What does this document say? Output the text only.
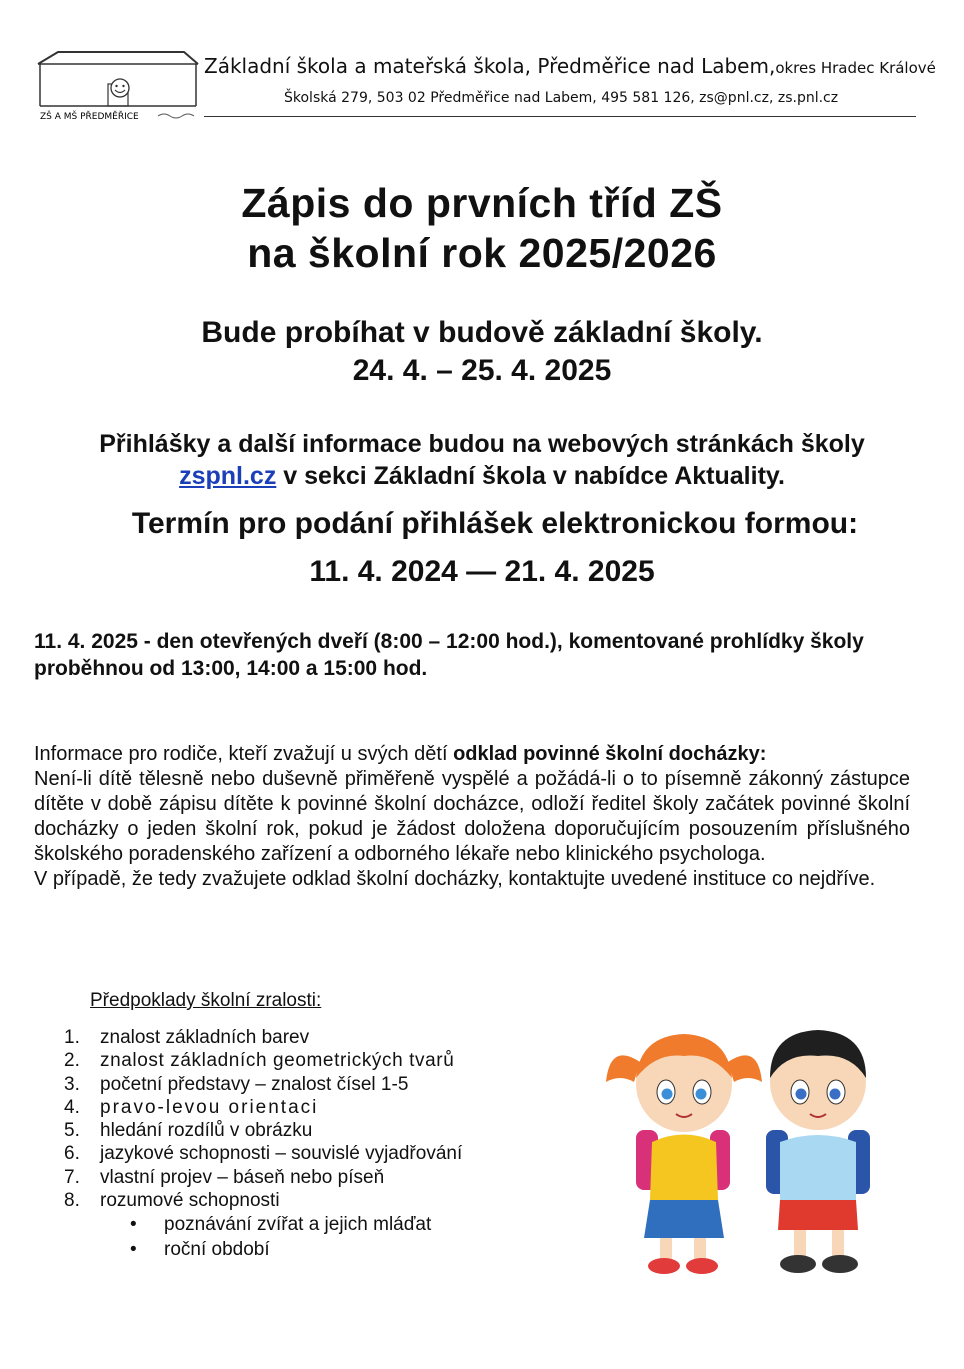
ZŠ A MŠ PŘEDMĚŘICE
Základní škola a mateřská škola, Předměřice nad Labem,okres Hradec Králové
Školská 279, 503 02 Předměřice nad Labem, 495 581 126, zs@pnl.cz, zs.pnl.cz
Zápis do prvních tříd ZŠ
na školní rok 2025/2026
Bude probíhat v budově základní školy.
24. 4. – 25. 4. 2025
Přihlášky a další informace budou na webových stránkách školy
zspnl.cz v sekci Základní škola v nabídce Aktuality.
Termín pro podání přihlášek elektronickou formou:
11. 4. 2024 — 21. 4. 2025
11. 4. 2025 - den otevřených dveří (8:00 – 12:00 hod.), komentované prohlídky školy proběhnou od 13:00, 14:00 a 15:00 hod.

Informace pro rodiče, kteří zvažují u svých dětí odklad povinné školní docházky:

Není-li dítě tělesně nebo duševně přiměřeně vyspělé a požádá-li o to písemně zákonný zástupce dítěte v době zápisu dítěte k povinné školní docházce, odloží ředitel školy začátek povinné školní docházky o jeden školní rok, pokud je žádost doložena doporučujícím posouzením příslušného školského poradenského zařízení a odborného lékaře nebo klinického psychologa.

V případě, že tedy zvažujete odklad školní docházky, kontaktujte uvedené instituce co nejdříve.

Předpoklady školní zralosti:
1.	znalost základních barev
2.	znalost základních geometrických tvarů
3.	početní představy – znalost čísel 1-5
4.	pravo-levou orientaci
5.	hledání rozdílů v obrázku
6.	jazykové schopnosti – souvislé vyjadřování
7.	vlastní projev – báseň nebo píseň
8.	rozumové schopnosti
•	poznávání zvířat a jejich mláďat
•	roční období
